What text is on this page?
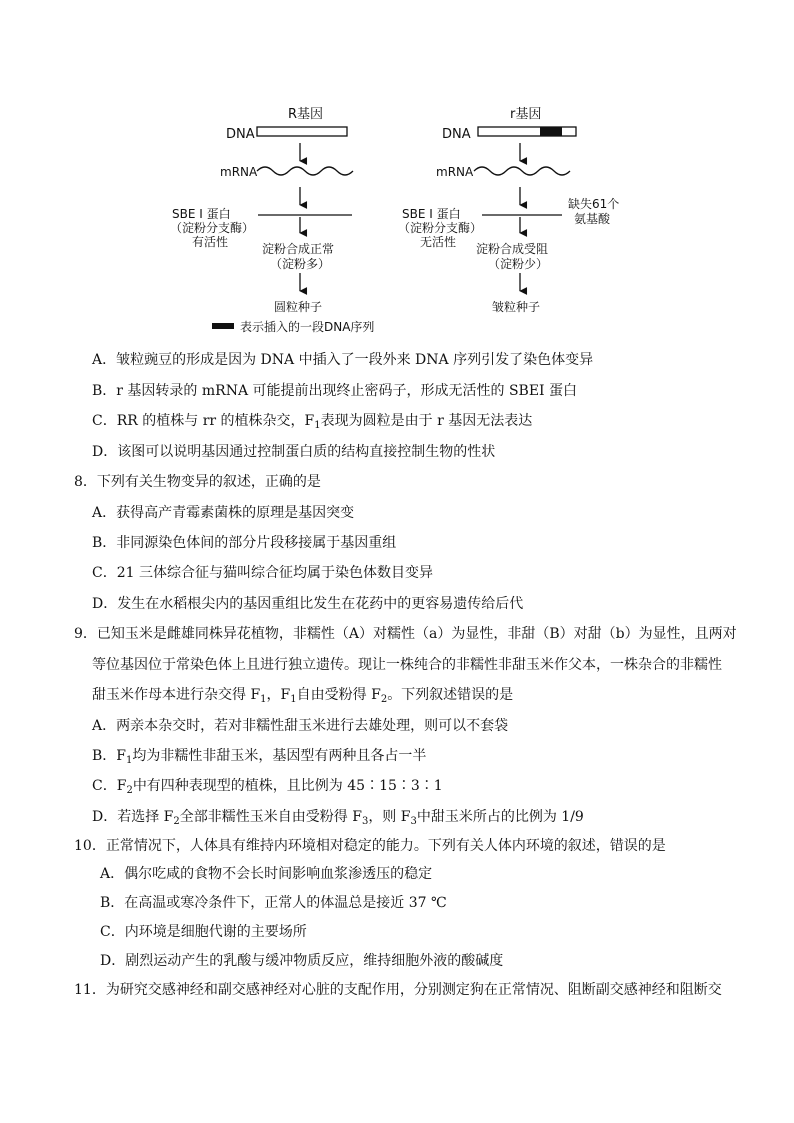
R基因
DNA
mRNA
SBE Ⅰ 蛋白
（淀粉分支酶）
有活性	淀粉合成正常
（淀粉多）
圆粒种子
r基因
DNA
mRNA
SBE Ⅰ 蛋白
（淀粉分支酶）
无活性
缺失61个
氨基酸
淀粉合成受阻
（淀粉少）
皱粒种子
表示插入的一段DNA序列
A．皱粒豌豆的形成是因为 DNA 中插入了一段外来 DNA 序列引发了染色体变异
B．r 基因转录的 mRNA 可能提前出现终止密码子，形成无活性的 SBEI 蛋白
C．RR 的植株与 rr 的植株杂交，$F_1$表现为圆粒是由于 r 基因无法表达
D．该图可以说明基因通过控制蛋白质的结构直接控制生物的性状
8．下列有关生物变异的叙述，正确的是
A．获得高产青霉素菌株的原理是基因突变
B．非同源染色体间的部分片段移接属于基因重组
C．21 三体综合征与猫叫综合征均属于染色体数目变异
D．发生在水稻根尖内的基因重组比发生在花药中的更容易遗传给后代
9．已知玉米是雌雄同株异花植物，非糯性（A）对糯性（a）为显性，非甜（B）对甜（b）为显性，且两对
等位基因位于常染色体上且进行独立遗传。现让一株纯合的非糯性非甜玉米作父本，一株杂合的非糯性
甜玉米作母本进行杂交得 $F_1$，$F_1$自由受粉得 $F_2$。下列叙述错误的是
A．两亲本杂交时，若对非糯性甜玉米进行去雄处理，则可以不套袋
B．$F_1$均为非糯性非甜玉米，基因型有两种且各占一半
C．$F_2$中有四种表现型的植株，且比例为 45∶15∶3∶1
D．若选择 $F_2$全部非糯性玉米自由受粉得 $F_3$，则 $F_3$中甜玉米所占的比例为 1/9
10．正常情况下，人体具有维持内环境相对稳定的能力。下列有关人体内环境的叙述，错误的是
A．偶尔吃咸的食物不会长时间影响血浆渗透压的稳定
B．在高温或寒冷条件下，正常人的体温总是接近 37 ℃
C．内环境是细胞代谢的主要场所
D．剧烈运动产生的乳酸与缓冲物质反应，维持细胞外液的酸碱度
11．为研究交感神经和副交感神经对心脏的支配作用，分别测定狗在正常情况、阻断副交感神经和阻断交
